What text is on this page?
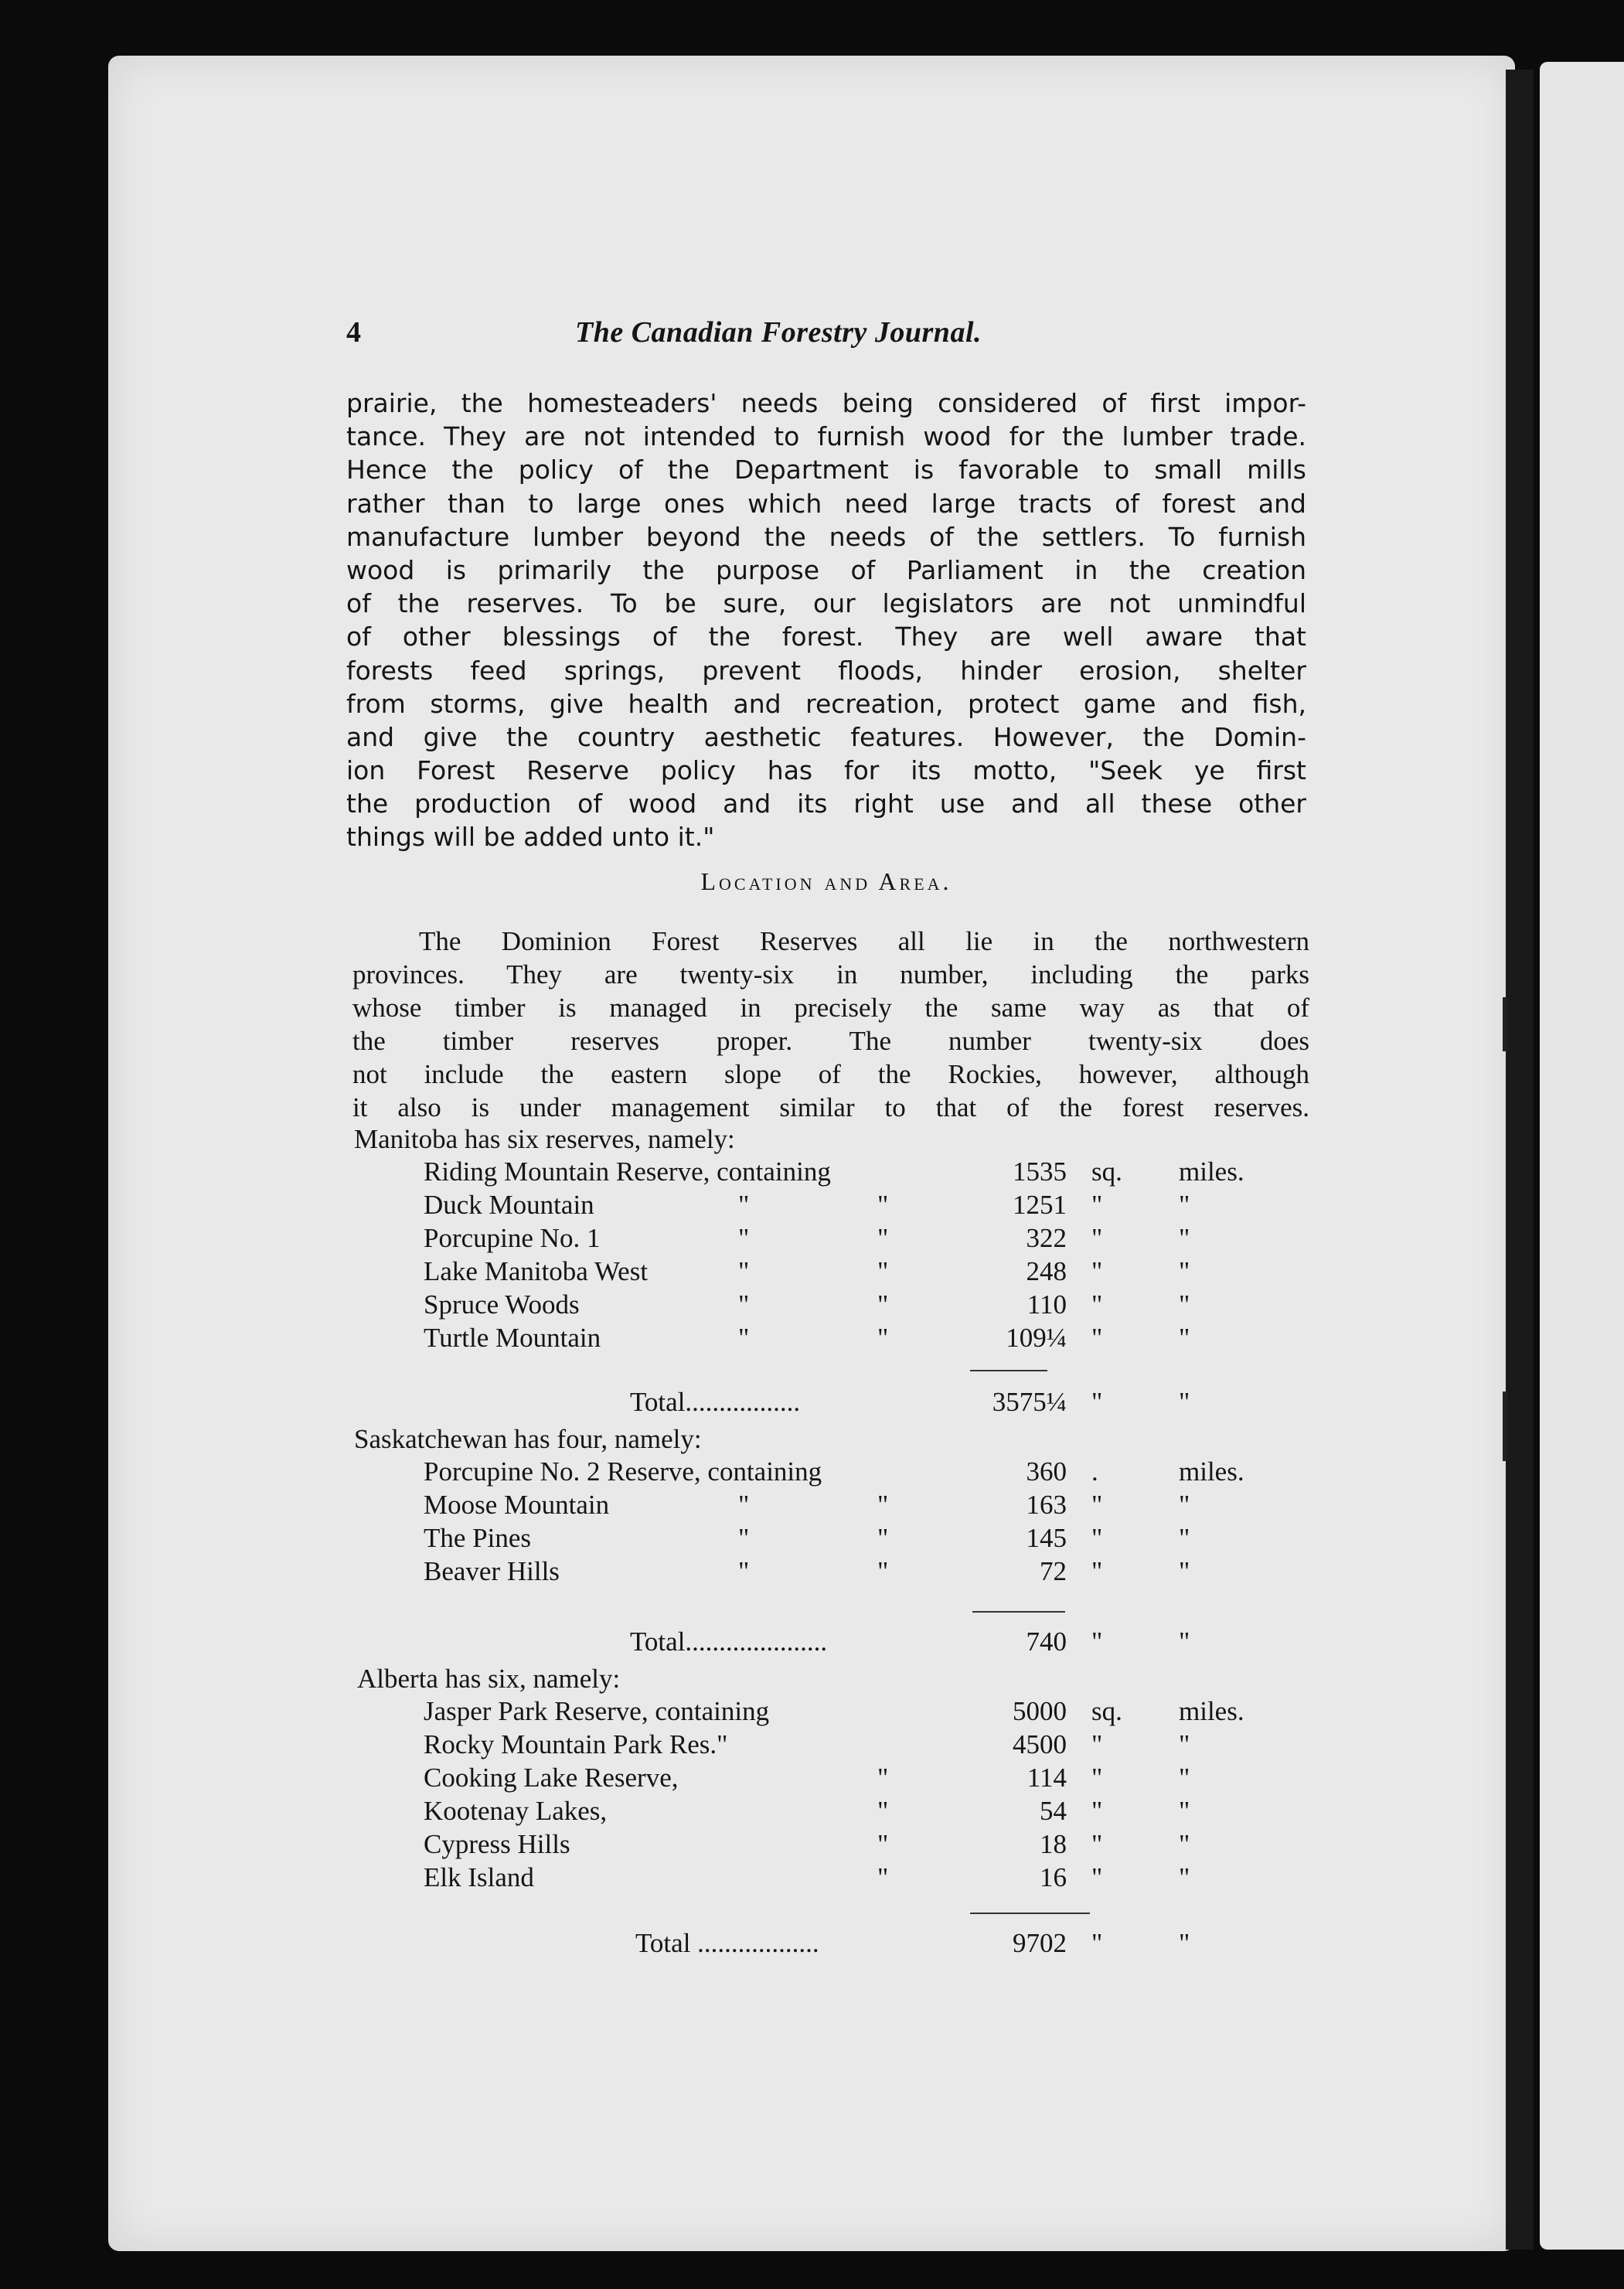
4	The Canadian Forestry Journal.
prairie, the homesteaders' needs being considered of first impor-
tance. They are not intended to furnish wood for the lumber trade.
Hence the policy of the Department is favorable to small mills
rather than to large ones which need large tracts of forest and
manufacture lumber beyond the needs of the settlers. To furnish
wood is primarily the purpose of Parliament in the creation
of the reserves. To be sure, our legislators are not unmindful
of other blessings of the forest. They are well aware that
forests feed springs, prevent floods, hinder erosion, shelter
from storms, give health and recreation, protect game and fish,
and give the country aesthetic features. However, the Domin-
ion Forest Reserve policy has for its motto, "Seek ye first
the production of wood and its right use and all these other
things will be added unto it."
Location and Area.
The Dominion Forest Reserves all lie in the northwestern
provinces. They are twenty-six in number, including the parks
whose timber is managed in precisely the same way as that of
the timber reserves proper. The number twenty-six does
not include the eastern slope of the Rockies, however, although
it also is under management similar to that of the forest reserves.
Manitoba has six reserves, namely:
Riding Mountain Reserve, containing	1535 sq. miles.
Duck Mountain	"	"	1251 "	"
Porcupine No. 1	"	"	322 "	"
Lake Manitoba West	"	"	248 "	"
Spruce Woods	"	"	110 "	"
Turtle Mountain	"	"	109¼ "	"
Total.................	3575¼ "	"
Saskatchewan has four, namely:
Porcupine No. 2 Reserve, containing	360 .	miles.
Moose Mountain	"	"	163 "	"
The Pines	"	"	145 "	"
Beaver Hills	"	"	72 "	"
Total.....................	740 "	"
Alberta has six, namely:
Jasper Park Reserve, containing	5000 sq. miles.
Rocky Mountain Park Res."	4500 "	"
Cooking Lake Reserve,	"	114 "	"
Kootenay Lakes,	"	54 "	"
Cypress Hills	"	18 "	"
Elk Island	"	16 "	"
Total ..................	9702 "	"
